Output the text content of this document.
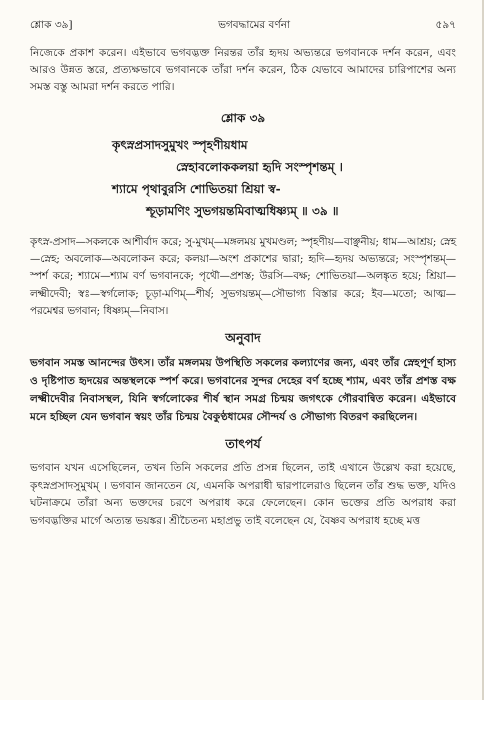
শ্লোক ৩৯]	ভগবদ্ধামের বর্ণনা	৫৯৭

নিজেকে প্রকাশ করেন। এইভাবে ভগবদ্ভক্ত নিরন্তর তাঁর হৃদয় অভ্যন্তরে ভগবানকে দর্শন করেন, এবং আরও উন্নত স্তরে, প্রত্যক্ষভাবে ভগবানকে তাঁরা দর্শন করেন, ঠিক যেভাবে আমাদের চারিপাশের অন্য সমস্ত বস্তু আমরা দর্শন করতে পারি।

শ্লোক ৩৯
কৃৎস্নপ্রসাদসুমুখং স্পৃহণীয়ধাম
স্নেহাবলোককলয়া হৃদি সংস্পৃশন্তম্ ।
শ্যামে পৃথাবুরসি শোভিতয়া শ্রিয়া স্ব-
শ্চূড়ামণিং সুভগয়ন্তমিবাত্মধিষ্ণ্যম্ ॥ ৩৯ ॥
কৃৎস্ন-প্রসাদ—সকলকে আশীর্বাদ করে; সু-মুখম্—মঙ্গলময় মুখমণ্ডল; স্পৃহণীয়—বাঞ্ছনীয়; ধাম—আশ্রয়; স্নেহ—স্নেহ; অবলোক—অবলোকন করে; কলয়া—অংশ প্রকাশের দ্বারা; হৃদি—হৃদয় অভ্যন্তরে; সংস্পৃশন্তম্—স্পর্শ করে; শ্যামে—শ্যাম বর্ণ ভগবানকে; পৃথৌ—প্রশস্ত; উরসি—বক্ষ; শোভিতয়া—অলঙ্কৃত হয়ে; শ্রিয়া—লক্ষ্মীদেবী; স্বঃ—স্বর্গলোক; চূড়া-মণিম্—শীর্ষ; সুভগয়ন্তম্—সৌভাগ্য বিস্তার করে; ইব—মতো; আত্ম—পরমেশ্বর ভগবান; ধিষ্ণ্যম্—নিবাস।
অনুবাদ

ভগবান সমস্ত আনন্দের উৎস। তাঁর মঙ্গলময় উপস্থিতি সকলের কল্যাণের জন্য, এবং তাঁর স্নেহপূর্ণ হাস্য ও দৃষ্টিপাত হৃদয়ের অন্তস্থলকে স্পর্শ করে। ভগবানের সুন্দর দেহের বর্ণ হচ্ছে শ্যাম, এবং তাঁর প্রশস্ত বক্ষ লক্ষ্মীদেবীর নিবাসস্থল, যিনি স্বর্গলোকের শীর্ষ স্থান সমগ্র চিন্ময় জগৎকে গৌরবান্বিত করেন। এইভাবে মনে হচ্ছিল যেন ভগবান স্বয়ং তাঁর চিন্ময় বৈকুণ্ঠধামের সৌন্দর্য ও সৌভাগ্য বিতরণ করছিলেন।

তাৎপর্য

ভগবান যখন এসেছিলেন, তখন তিনি সকলের প্রতি প্রসন্ন ছিলেন, তাই এখানে উল্লেখ করা হয়েছে, কৃৎস্নপ্রসাদসুমুখম্ । ভগবান জানতেন যে, এমনকি অপরাধী দ্বারপালেরাও ছিলেন তাঁর শুদ্ধ ভক্ত, যদিও ঘটনাক্রমে তাঁরা অন্য ভক্তদের চরণে অপরাধ করে ফেলেছেন। কোন ভক্তের প্রতি অপরাধ করা ভগবদ্ভক্তির মার্গে অত্যন্ত ভয়ঙ্কর। শ্রীচৈতন্য মহাপ্রভু তাই বলেছেন যে, বৈষ্ণব অপরাধ হচ্ছে মত্ত
